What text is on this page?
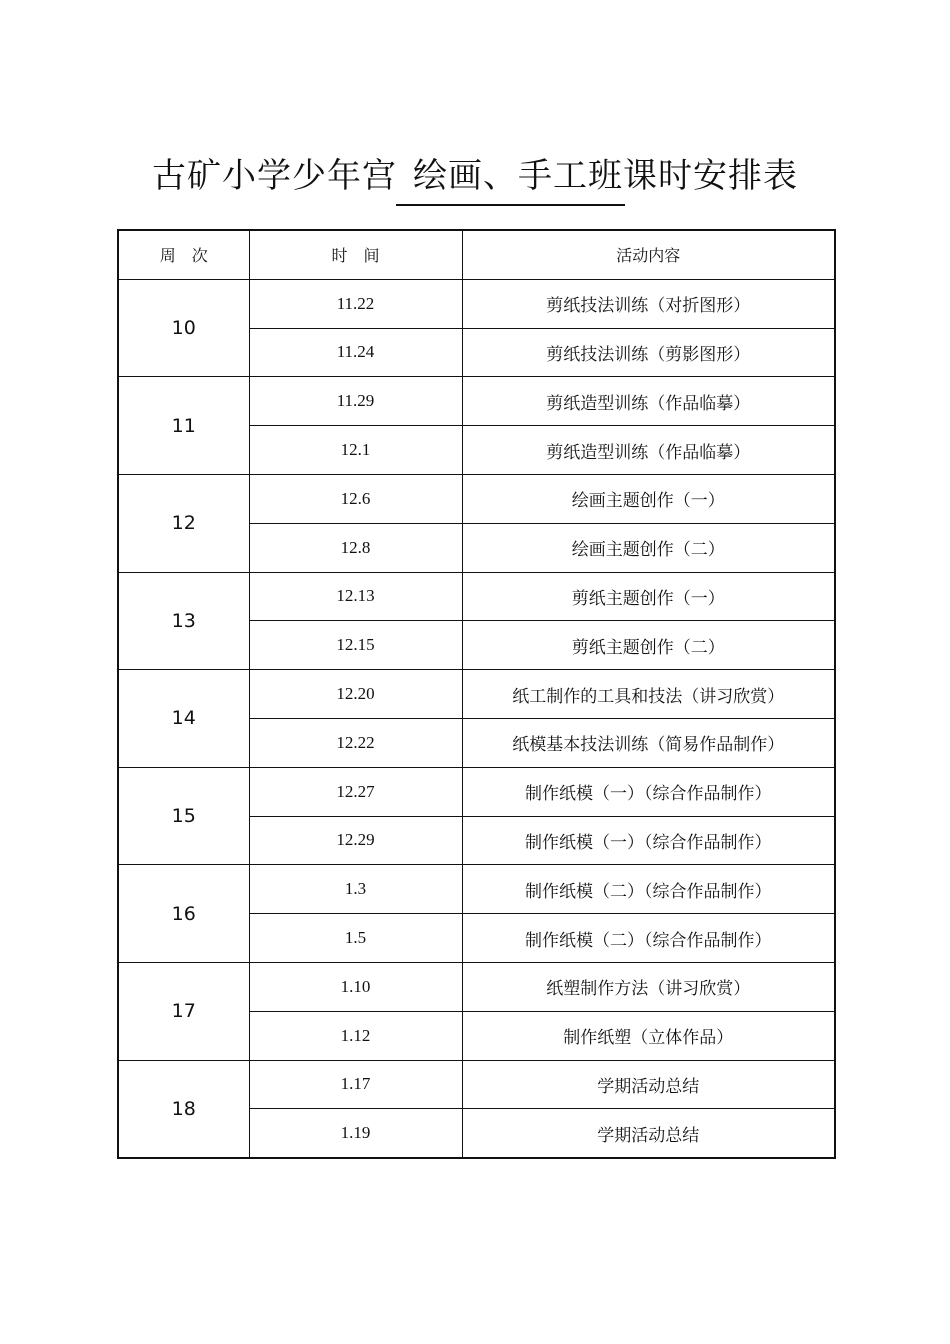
古矿小学少年宫 绘画、手工班课时安排表
周　次	时　间	活动内容
10	11.22	剪纸技法训练（对折图形）
	11.24	剪纸技法训练（剪影图形）
11	11.29	剪纸造型训练（作品临摹）
	12.1	剪纸造型训练（作品临摹）
12	12.6	绘画主题创作（一）
	12.8	绘画主题创作（二）
13	12.13	剪纸主题创作（一）
	12.15	剪纸主题创作（二）
14	12.20	纸工制作的工具和技法（讲习欣赏）
	12.22	纸模基本技法训练（简易作品制作）
15	12.27	制作纸模（一）（综合作品制作）
	12.29	制作纸模（一）（综合作品制作）
16	1.3	制作纸模（二）（综合作品制作）
	1.5	制作纸模（二）（综合作品制作）
17	1.10	纸塑制作方法（讲习欣赏）
	1.12	制作纸塑（立体作品）
18	1.17	学期活动总结
	1.19	学期活动总结
